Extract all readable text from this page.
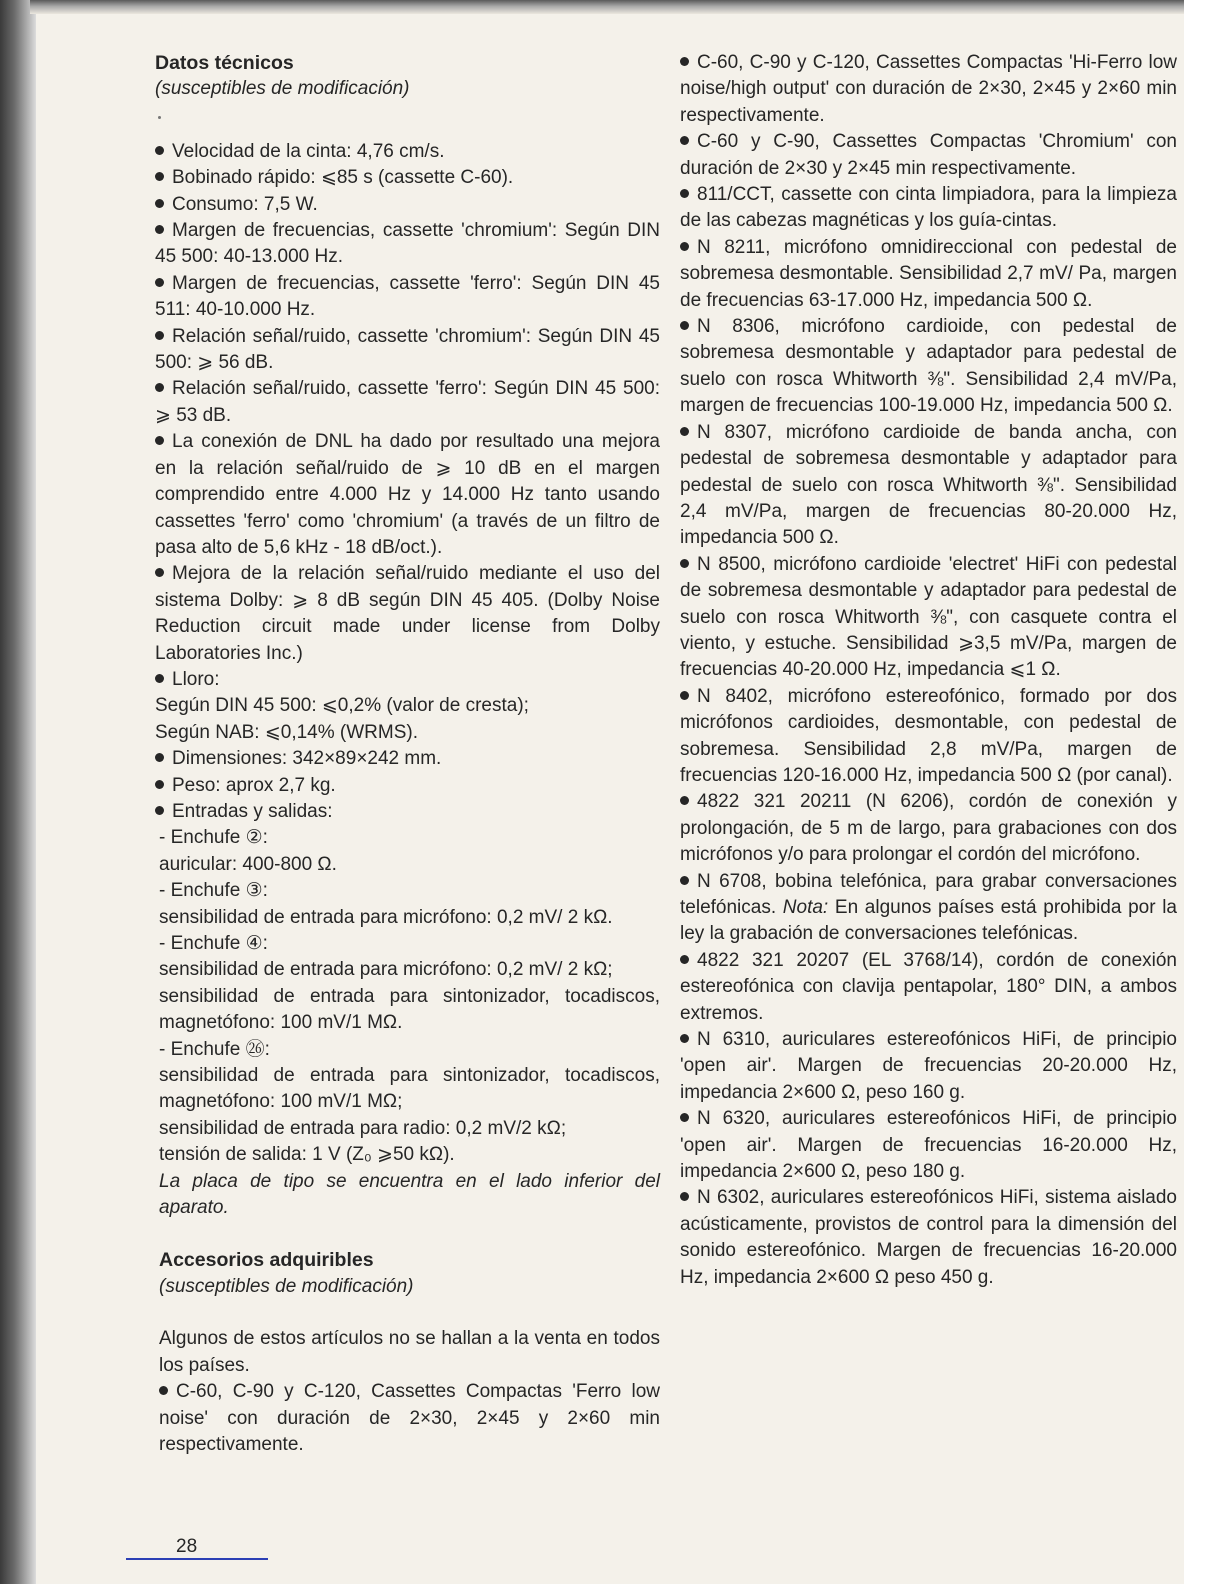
Datos técnicos

(susceptibles de modificación)

Velocidad de la cinta: 4,76 cm/s.

Bobinado rápido: ⩽85 s (cassette C-60).

Consumo: 7,5 W.

Margen de frecuencias, cassette 'chromium': Según DIN 45 500: 40-13.000 Hz.

Margen de frecuencias, cassette 'ferro': Según DIN 45 511: 40-10.000 Hz.

Relación señal/ruido, cassette 'chromium': Según DIN 45 500: ⩾ 56 dB.

Relación señal/ruido, cassette 'ferro': Según DIN 45 500: ⩾ 53 dB.

La conexión de DNL ha dado por resultado una mejora en la relación señal/ruido de ⩾ 10 dB en el margen comprendido entre 4.000 Hz y 14.000 Hz tanto usando cassettes 'ferro' como 'chromium' (a través de un filtro de pasa alto de 5,6 kHz - 18 dB/oct.).

Mejora de la relación señal/ruido mediante el uso del sistema Dolby: ⩾ 8 dB según DIN 45 405. (Dolby Noise Reduction circuit made under license from Dolby Laboratories Inc.)

Lloro:

Según DIN 45 500: ⩽0,2% (valor de cresta);

Según NAB: ⩽0,14% (WRMS).

Dimensiones: 342×89×242 mm.

Peso: aprox 2,7 kg.

Entradas y salidas:

- Enchufe ②:

auricular: 400-800 Ω.

- Enchufe ③:

sensibilidad de entrada para micrófono: 0,2 mV/ 2 kΩ.

- Enchufe ④:

sensibilidad de entrada para micrófono: 0,2 mV/ 2 kΩ;

sensibilidad de entrada para sintonizador, tocadiscos, magnetófono: 100 mV/1 MΩ.

- Enchufe ㉖:

sensibilidad de entrada para sintonizador, tocadiscos, magnetófono: 100 mV/1 MΩ;

sensibilidad de entrada para radio: 0,2 mV/2 kΩ;

tensión de salida: 1 V (Z₀ ⩾50 kΩ).

La placa de tipo se encuentra en el lado inferior del aparato.

Accesorios adquiribles

(susceptibles de modificación)

Algunos de estos artículos no se hallan a la venta en todos los países.

C-60, C-90 y C-120, Cassettes Compactas 'Ferro low noise' con duración de 2×30, 2×45 y 2×60 min respectivamente.

C-60, C-90 y C-120, Cassettes Compactas 'Hi-Ferro low noise/high output' con duración de 2×30, 2×45 y 2×60 min respectivamente.

C-60 y C-90, Cassettes Compactas 'Chromium' con duración de 2×30 y 2×45 min respectivamente.

811/CCT, cassette con cinta limpiadora, para la limpieza de las cabezas magnéticas y los guía-cintas.

N 8211, micrófono omnidireccional con pedestal de sobremesa desmontable. Sensibilidad 2,7 mV/ Pa, margen de frecuencias 63-17.000 Hz, impedancia 500 Ω.

N 8306, micrófono cardioide, con pedestal de sobremesa desmontable y adaptador para pedestal de suelo con rosca Whitworth ⅜". Sensibilidad 2,4 mV/Pa, margen de frecuencias 100-19.000 Hz, impedancia 500 Ω.

N 8307, micrófono cardioide de banda ancha, con pedestal de sobremesa desmontable y adaptador para pedestal de suelo con rosca Whitworth ⅜". Sensibilidad 2,4 mV/Pa, margen de frecuencias 80-20.000 Hz, impedancia 500 Ω.

N 8500, micrófono cardioide 'electret' HiFi con pedestal de sobremesa desmontable y adaptador para pedestal de suelo con rosca Whitworth ⅜", con casquete contra el viento, y estuche. Sensibilidad ⩾3,5 mV/Pa, margen de frecuencias 40-20.000 Hz, impedancia ⩽1 Ω.

N 8402, micrófono estereofónico, formado por dos micrófonos cardioides, desmontable, con pedestal de sobremesa. Sensibilidad 2,8 mV/Pa, margen de frecuencias 120-16.000 Hz, impedancia 500 Ω (por canal).

4822 321 20211 (N 6206), cordón de conexión y prolongación, de 5 m de largo, para grabaciones con dos micrófonos y/o para prolongar el cordón del micrófono.

N 6708, bobina telefónica, para grabar conversaciones telefónicas. Nota: En algunos países está prohibida por la ley la grabación de conversaciones telefónicas.

4822 321 20207 (EL 3768/14), cordón de conexión estereofónica con clavija pentapolar, 180° DIN, a ambos extremos.

N 6310, auriculares estereofónicos HiFi, de principio 'open air'. Margen de frecuencias 20-20.000 Hz, impedancia 2×600 Ω, peso 160 g.

N 6320, auriculares estereofónicos HiFi, de principio 'open air'. Margen de frecuencias 16-20.000 Hz, impedancia 2×600 Ω, peso 180 g.

N 6302, auriculares estereofónicos HiFi, sistema aislado acústicamente, provistos de control para la dimensión del sonido estereofónico. Margen de frecuencias 16-20.000 Hz, impedancia 2×600 Ω peso 450 g.

28
